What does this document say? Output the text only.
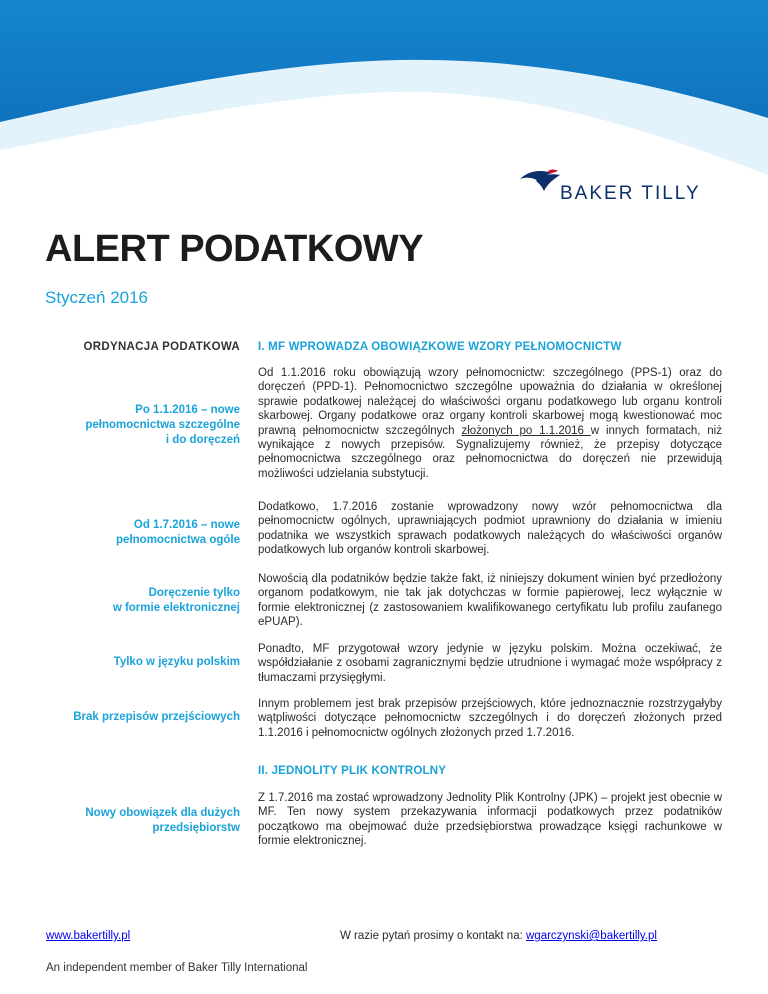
BAKER TILLY
ALERT PODATKOWY

Styczeń 2016

ORDYNACJA PODATKOWA I. MF WPROWADZA OBOWIĄZKOWE WZORY PEŁNOMOCNICTW
Po 1.1.2016 – nowe
pełnomocnictwa szczególne
i do doręczeń

Od 1.1.2016 roku obowiązują wzory pełnomocnictw: szczególnego (PPS-1) oraz do doręczeń (PPD-1). Pełnomocnictwo szczególne upoważnia do działania w określonej sprawie podatkowej należącej do właściwości organu podatkowego lub organu kontroli skarbowej. Organy podatkowe oraz organy kontroli skarbowej mogą kwestionować moc prawną pełnomocnictw szczególnych złożonych po 1.1.2016 w innych formatach, niż wynikające z nowych przepisów. Sygnalizujemy również, że przepisy dotyczące pełnomocnictwa szczególnego oraz pełnomocnictwa do doręczeń nie przewidują możliwości udzielania substytucji.

Od 1.7.2016 – nowe
pełnomocnictwa ogóle

Dodatkowo, 1.7.2016 zostanie wprowadzony nowy wzór pełnomocnictwa dla pełnomocnictw ogólnych, uprawniających podmiot uprawniony do działania w imieniu podatnika we wszystkich sprawach podatkowych należących do właściwości organów podatkowych lub organów kontroli skarbowej.

Doręczenie tylko
w formie elektronicznej

Nowością dla podatników będzie także fakt, iż niniejszy dokument winien być przedłożony organom podatkowym, nie tak jak dotychczas w formie papierowej, lecz wyłącznie w formie elektronicznej (z zastosowaniem kwalifikowanego certyfikatu lub profilu zaufanego ePUAP).

Tylko w języku polskim

Ponadto, MF przygotował wzory jedynie w języku polskim. Można oczekiwać, że współdziałanie z osobami zagranicznymi będzie utrudnione i wymagać może współpracy z tłumaczami przysięgłymi.

Brak przepisów przejściowych

Innym problemem jest brak przepisów przejściowych, które jednoznacznie rozstrzygałyby wątpliwości dotyczące pełnomocnictw szczególnych i do doręczeń złożonych przed 1.1.2016 i pełnomocnictw ogólnych złożonych przed 1.7.2016.

II. JEDNOLITY PLIK KONTROLNY
Nowy obowiązek dla dużych
przedsiębiorstw

Z 1.7.2016 ma zostać wprowadzony Jednolity Plik Kontrolny (JPK) – projekt jest obecnie w MF. Ten nowy system przekazywania informacji podatkowych przez podatników początkowo ma obejmować duże przedsiębiorstwa prowadzące księgi rachunkowe w formie elektronicznej.

www.bakertilly.pl	W razie pytań prosimy o kontakt na: wgarczynski@bakertilly.pl
An independent member of Baker Tilly International
